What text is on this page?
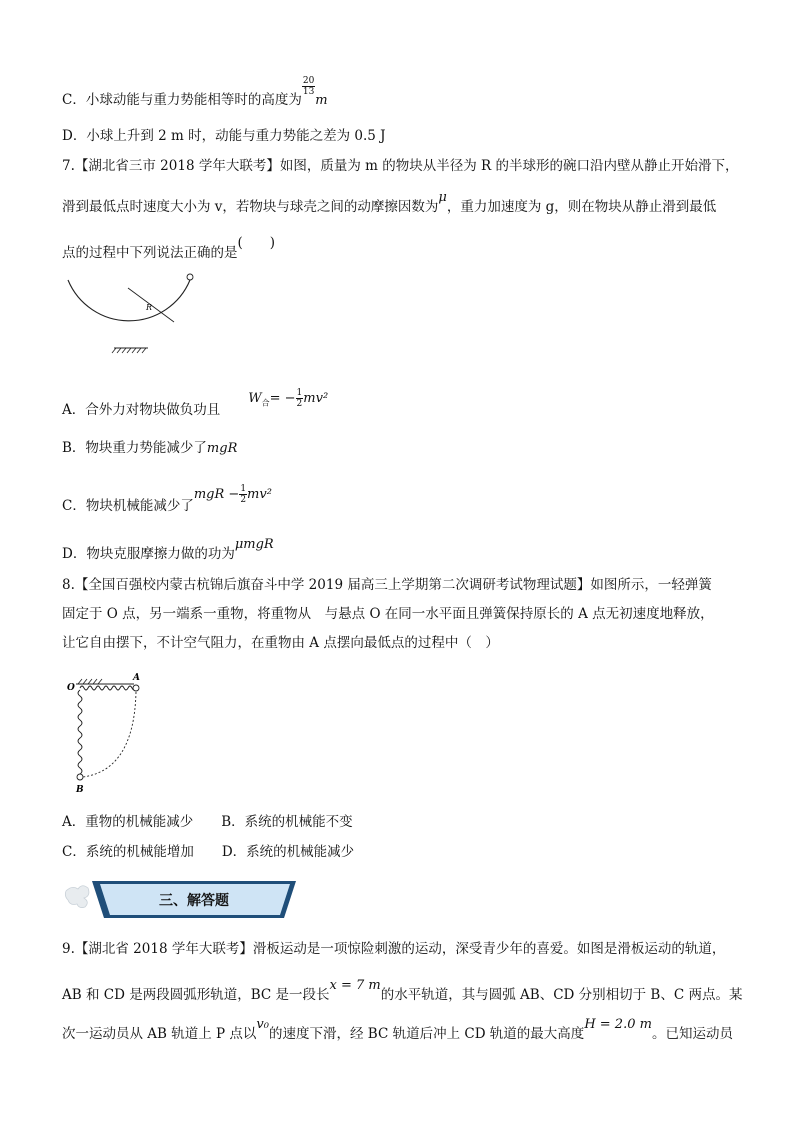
C．小球动能与重力势能相等时的高度为
$\frac{20}{13}$
m
D．小球上升到 2 m 时，动能与重力势能之差为 0.5 J
7.【湖北省三市 2018 学年大联考】如图，质量为 m 的物块从半径为 R 的半球形的碗口沿内壁从静止开始滑下，
滑到最低点时速度大小为 v，若物块与球壳之间的动摩擦因数为μ，重力加速度为 g，则在物块从静止滑到最低
点的过程中下列说法正确的是(　　)
R
A．合外力对物块做负功且$W_合= - \frac{1}{2} mv^2$
B．物块重力势能减少了mgR
C．物块机械能减少了mgR − $\frac{1}{2} mv^2$
D．物块克服摩擦力做的功为μmgR
8.【全国百强校内蒙古杭锦后旗奋斗中学 2019 届高三上学期第二次调研考试物理试题】如图所示，一轻弹簧
固定于 O 点，另一端系一重物，将重物从　与悬点 O 在同一水平面且弹簧保持原长的 A 点无初速度地释放，
让它自由摆下，不计空气阻力，在重物由 A 点摆向最低点的过程中（　）
O
A
B
A．重物的机械能减少 B．系统的机械能不变
C．系统的机械能增加 D．系统的机械能减少
三、解答题
9.【湖北省 2018 学年大联考】滑板运动是一项惊险刺激的运动，深受青少年的喜爱。如图是滑板运动的轨道，
AB 和 CD 是两段圆弧形轨道，BC 是一段长x = 7 m的水平轨道，其与圆弧 AB、CD 分别相切于 B、C 两点。某
次一运动员从 AB 轨道上 P 点以v₀的速度下滑，经 BC 轨道后冲上 CD 轨道的最大高度H = 2.0 m。已知运动员
